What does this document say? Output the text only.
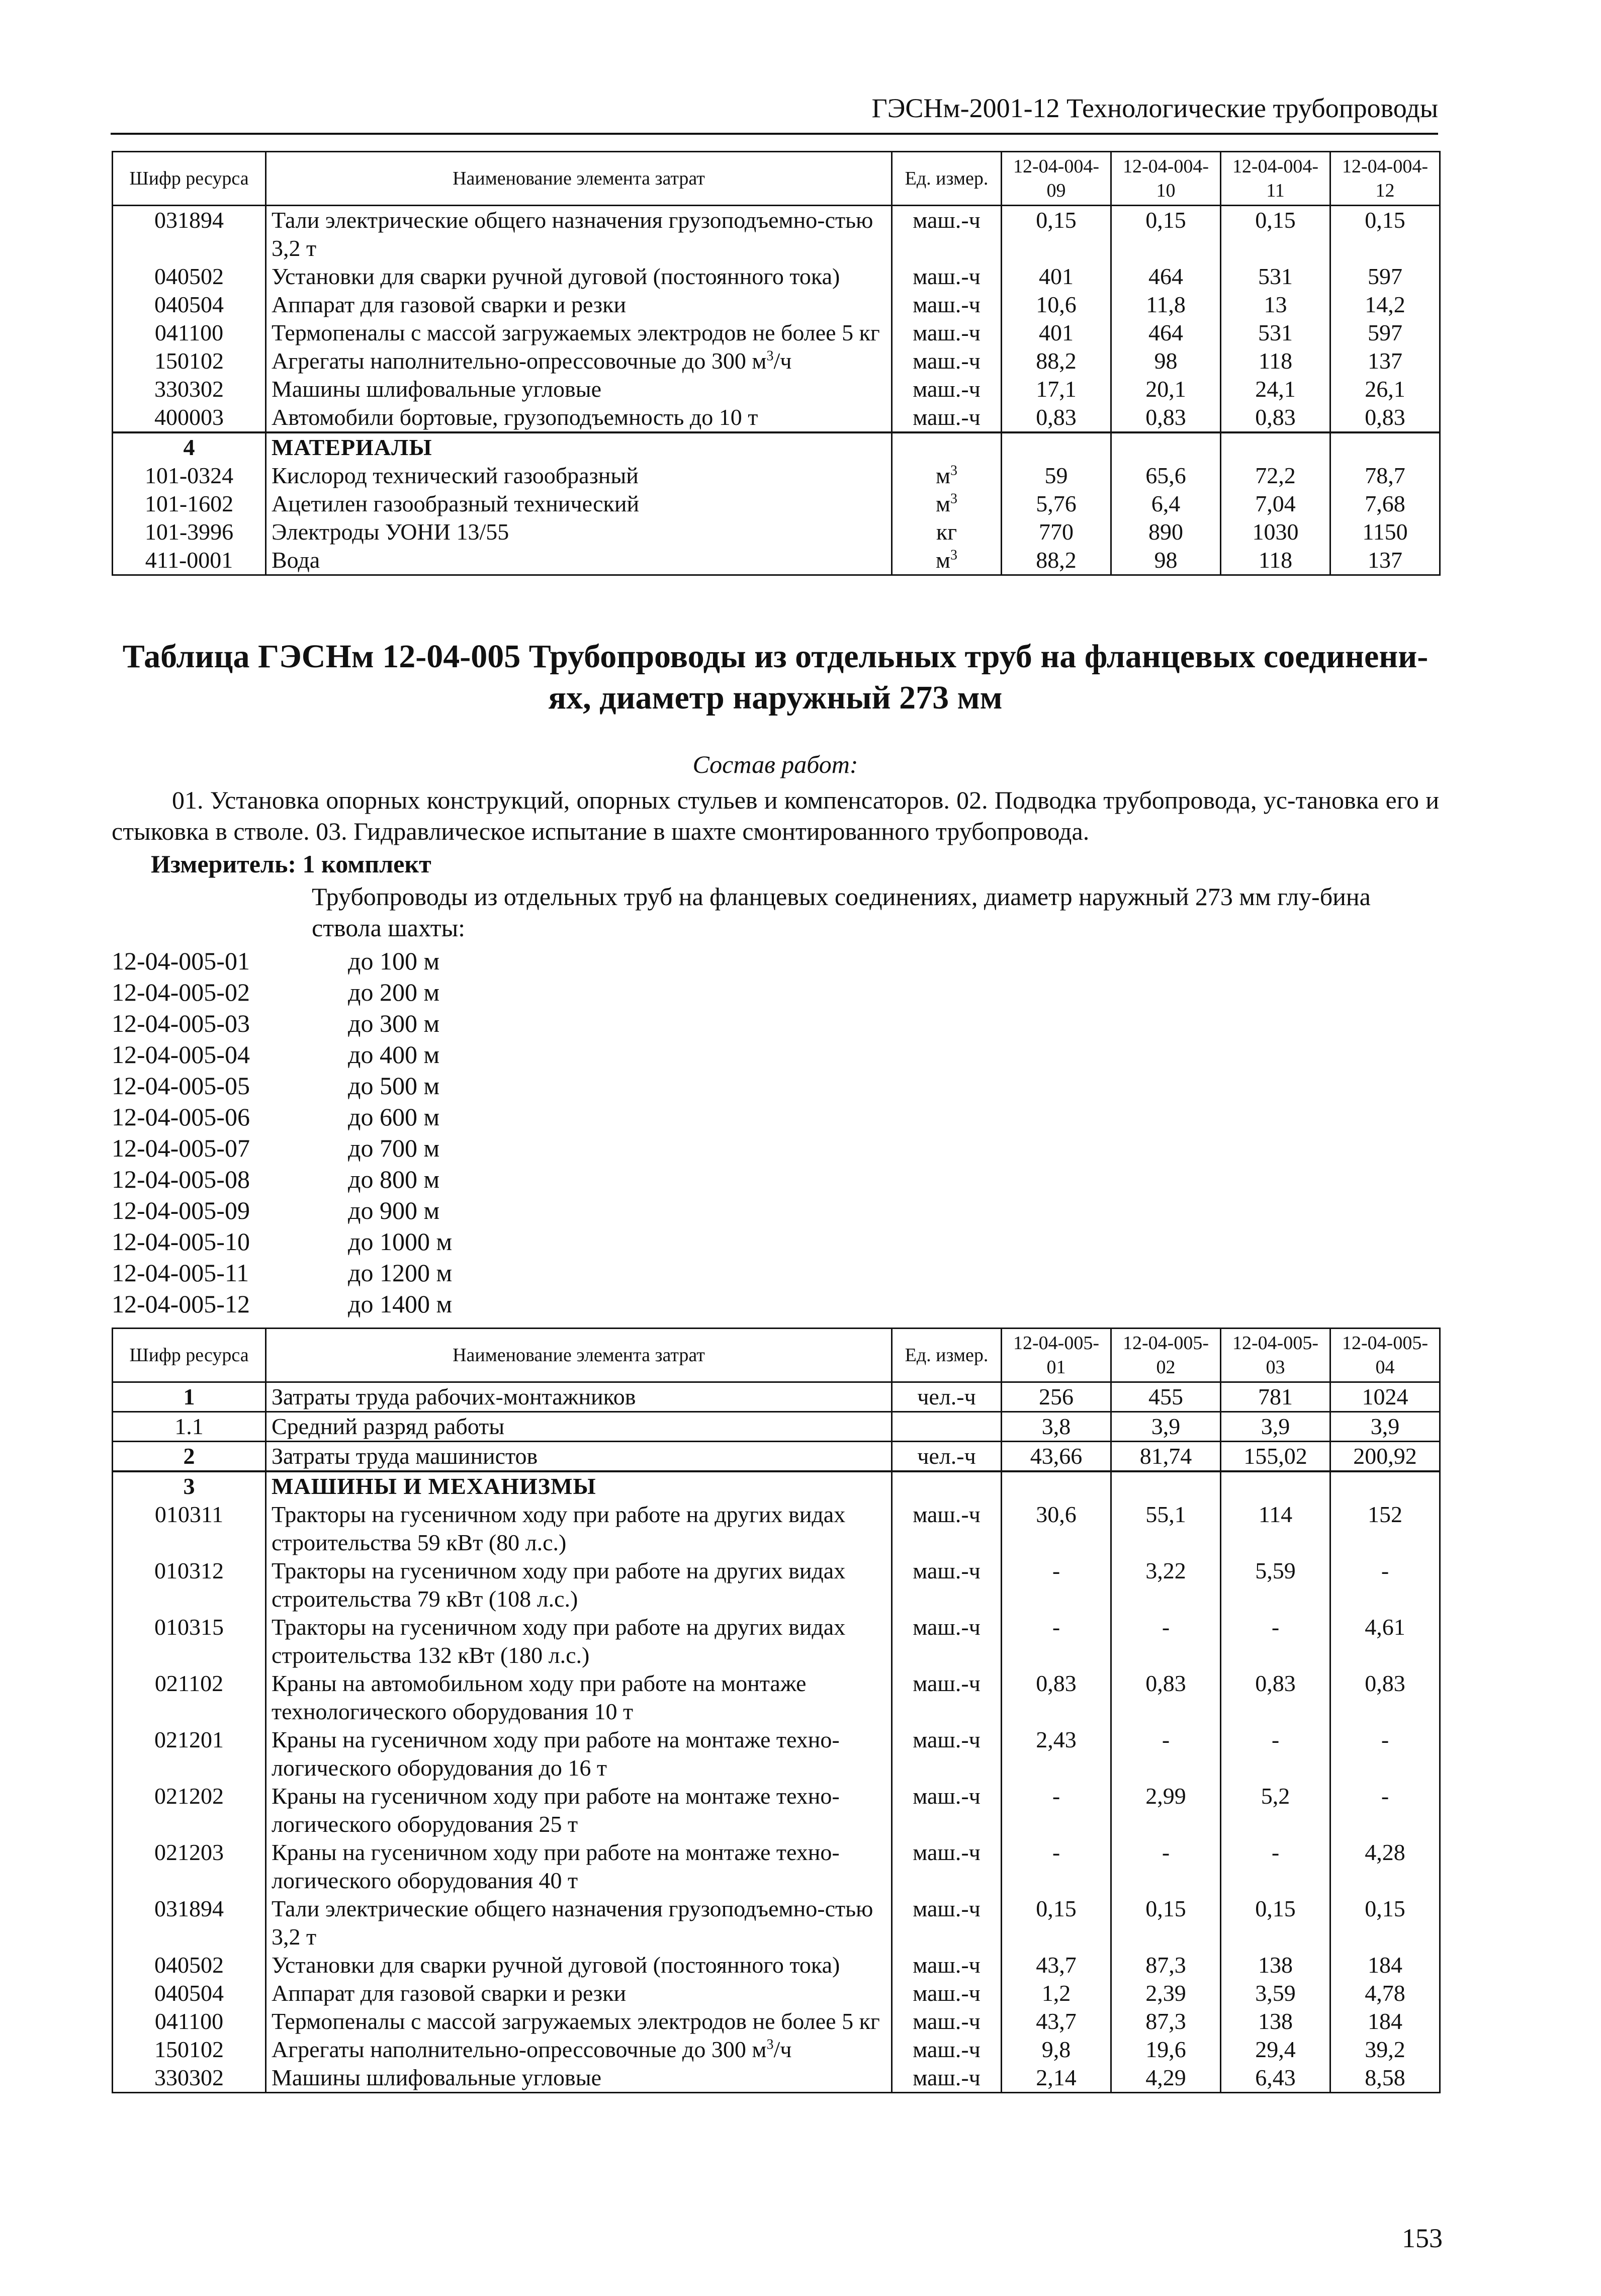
ГЭСНм-2001-12 Технологические трубопроводы
Шифр ресурса	Наименование элемента затрат	Ед. измер.	12-04-004-09	12-04-004-10	12-04-004-11	12-04-004-12
031894	Тали электрические общего назначения грузоподъемно-стью 3,2 т	маш.-ч	0,15	0,15	0,15	0,15
040502	Установки для сварки ручной дуговой (постоянного тока)	маш.-ч	401	464	531	597
040504	Аппарат для газовой сварки и резки	маш.-ч	10,6	11,8	13	14,2
041100	Термопеналы с массой загружаемых электродов не более 5 кг	маш.-ч	401	464	531	597
150102	Агрегаты наполнительно-опрессовочные до 300 $м^3/ч$	маш.-ч	88,2	98	118	137
330302	Машины шлифовальные угловые	маш.-ч	17,1	20,1	24,1	26,1
400003	Автомобили бортовые, грузоподъемность до 10 т	маш.-ч	0,83	0,83	0,83	0,83
4	МАТЕРИАЛЫ					
101-0324	Кислород технический газообразный	$м^3$	59	65,6	72,2	78,7
101-1602	Ацетилен газообразный технический	$м^3$	5,76	6,4	7,04	7,68
101-3996	Электроды УОНИ 13/55	кг	770	890	1030	1150
411-0001	Вода	$м^3$	88,2	98	118	137
Таблица ГЭСНм 12-04-005 Трубопроводы из отдельных труб на фланцевых соединени-ях, диаметр наружный 273 мм
Состав работ:
01. Установка опорных конструкций, опорных стульев и компенсаторов. 02. Подводка трубопровода, ус-тановка его и стыковка в стволе. 03. Гидравлическое испытание в шахте смонтированного трубопровода.
Измеритель: 1 комплект
Трубопроводы из отдельных труб на фланцевых соединениях, диаметр наружный 273 мм глу-бина ствола шахты:
12-04-005-01	до 100 м
12-04-005-02	до 200 м
12-04-005-03	до 300 м
12-04-005-04	до 400 м
12-04-005-05	до 500 м
12-04-005-06	до 600 м
12-04-005-07	до 700 м
12-04-005-08	до 800 м
12-04-005-09	до 900 м
12-04-005-10	до 1000 м
12-04-005-11	до 1200 м
12-04-005-12	до 1400 м
Шифр ресурса	Наименование элемента затрат	Ед. измер.	12-04-005-01	12-04-005-02	12-04-005-03	12-04-005-04
1	Затраты труда рабочих-монтажников	чел.-ч	256	455	781	1024
1.1	Средний разряд работы		3,8	3,9	3,9	3,9
2	Затраты труда машинистов	чел.-ч	43,66	81,74	155,02	200,92
3	МАШИНЫ И МЕХАНИЗМЫ					
010311	Тракторы на гусеничном ходу при работе на других видах строительства 59 кВт (80 л.с.)	маш.-ч	30,6	55,1	114	152
010312	Тракторы на гусеничном ходу при работе на других видах строительства 79 кВт (108 л.с.)	маш.-ч	-	3,22	5,59	-
010315	Тракторы на гусеничном ходу при работе на других видах строительства 132 кВт (180 л.с.)	маш.-ч	-	-	-	4,61
021102	Краны на автомобильном ходу при работе на монтаже технологического оборудования 10 т	маш.-ч	0,83	0,83	0,83	0,83
021201	Краны на гусеничном ходу при работе на монтаже техно-логического оборудования до 16 т	маш.-ч	2,43	-	-	-
021202	Краны на гусеничном ходу при работе на монтаже техно-логического оборудования 25 т	маш.-ч	-	2,99	5,2	-
021203	Краны на гусеничном ходу при работе на монтаже техно-логического оборудования 40 т	маш.-ч	-	-	-	4,28
031894	Тали электрические общего назначения грузоподъемно-стью 3,2 т	маш.-ч	0,15	0,15	0,15	0,15
040502	Установки для сварки ручной дуговой (постоянного тока)	маш.-ч	43,7	87,3	138	184
040504	Аппарат для газовой сварки и резки	маш.-ч	1,2	2,39	3,59	4,78
041100	Термопеналы с массой загружаемых электродов не более 5 кг	маш.-ч	43,7	87,3	138	184
150102	Агрегаты наполнительно-опрессовочные до 300 $м^3/ч$	маш.-ч	9,8	19,6	29,4	39,2
330302	Машины шлифовальные угловые	маш.-ч	2,14	4,29	6,43	8,58
153
